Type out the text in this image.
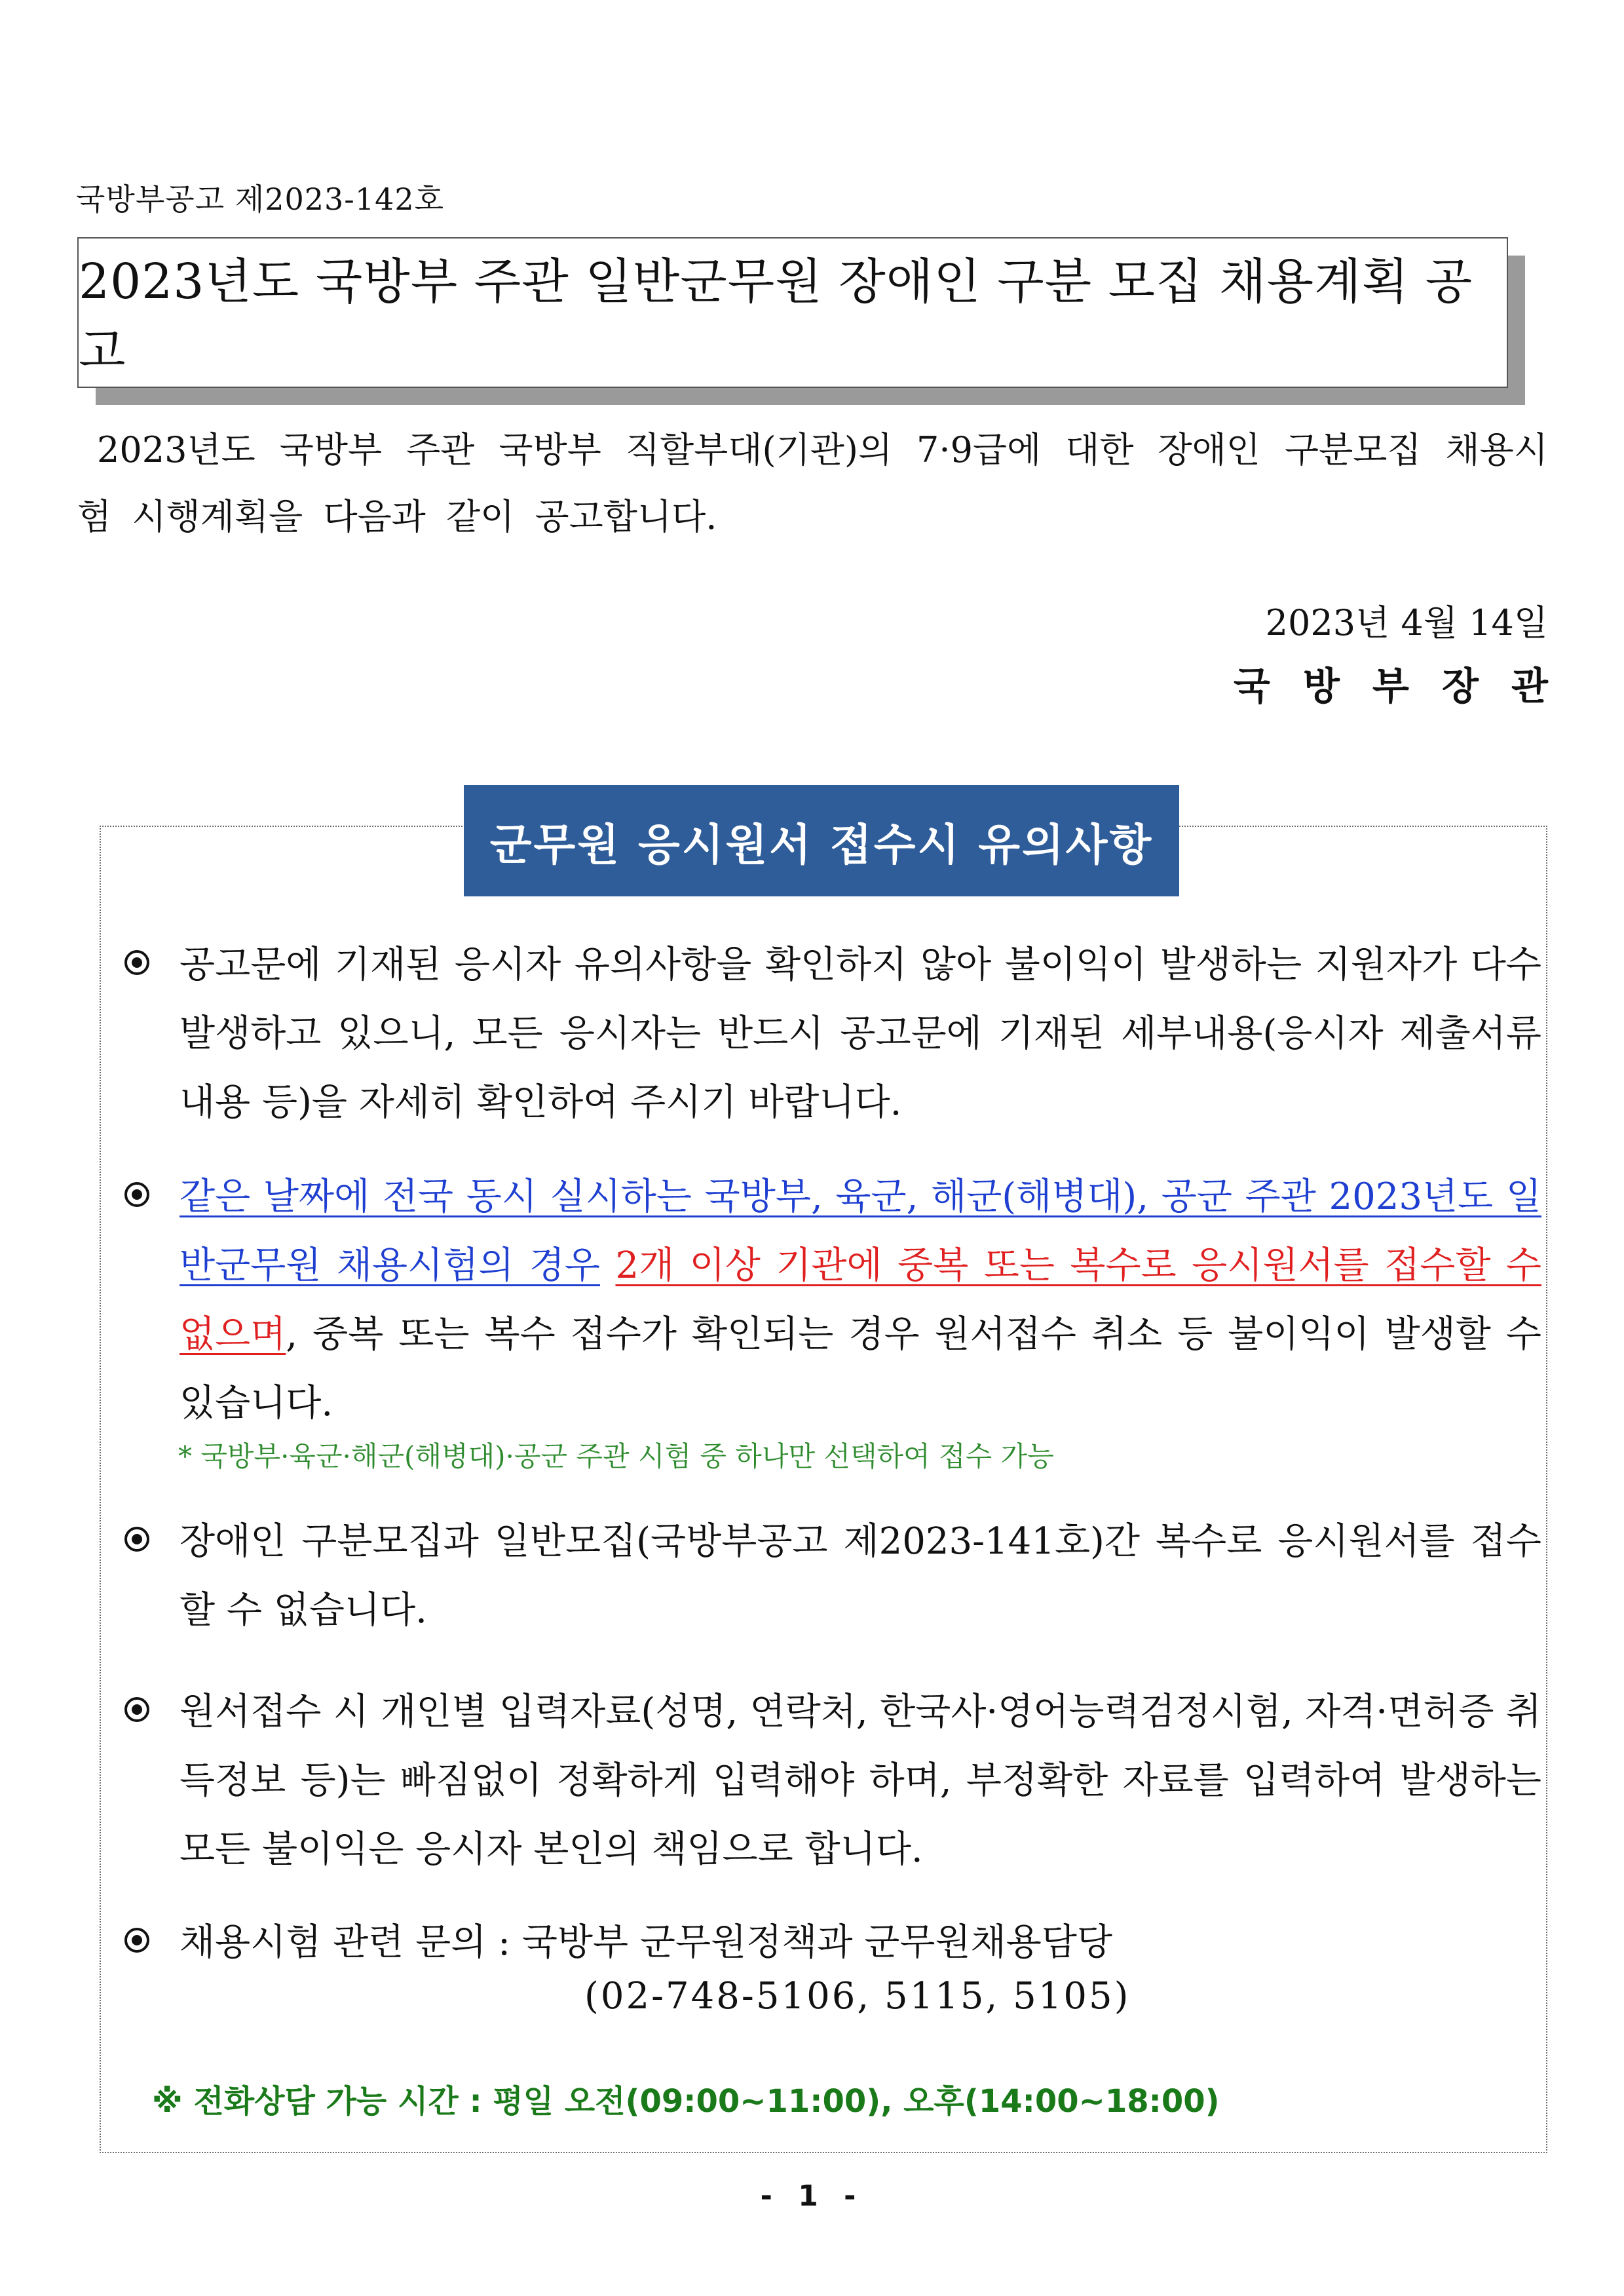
국방부공고 제2023-142호
2023년도 국방부 주관 일반군무원 장애인 구분 모집 채용계획 공고
2023년도 국방부 주관 국방부 직할부대(기관)의 7·9급에 대한 장애인 구분모집 채용시험 시행계획을 다음과 같이 공고합니다.
2023년 4월 14일
국방부장관
군무원 응시원서 접수시 유의사항
공고문에 기재된 응시자 유의사항을 확인하지 않아 불이익이 발생하는 지원자가 다수 발생하고 있으니, 모든 응시자는 반드시 공고문에 기재된 세부내용(응시자 제출서류 내용 등)을 자세히 확인하여 주시기 바랍니다.
같은 날짜에 전국 동시 실시하는 국방부, 육군, 해군(해병대), 공군 주관 2023년도 일반군무원 채용시험의 경우 2개 이상 기관에 중복 또는 복수로 응시원서를 접수할 수 없으며, 중복 또는 복수 접수가 확인되는 경우 원서접수 취소 등 불이익이 발생할 수 있습니다.
* 국방부·육군·해군(해병대)·공군 주관 시험 중 하나만 선택하여 접수 가능
장애인 구분모집과 일반모집(국방부공고 제2023-141호)간 복수로 응시원서를 접수할 수 없습니다.
원서접수 시 개인별 입력자료(성명, 연락처, 한국사·영어능력검정시험, 자격·면허증 취득정보 등)는 빠짐없이 정확하게 입력해야 하며, 부정확한 자료를 입력하여 발생하는 모든 불이익은 응시자 본인의 책임으로 합니다.
채용시험 관련 문의 : 국방부 군무원정책과 군무원채용담당
(02-748-5106, 5115, 5105)
※ 전화상담 가능 시간 : 평일 오전(09:00~11:00), 오후(14:00~18:00)
- 1 -
